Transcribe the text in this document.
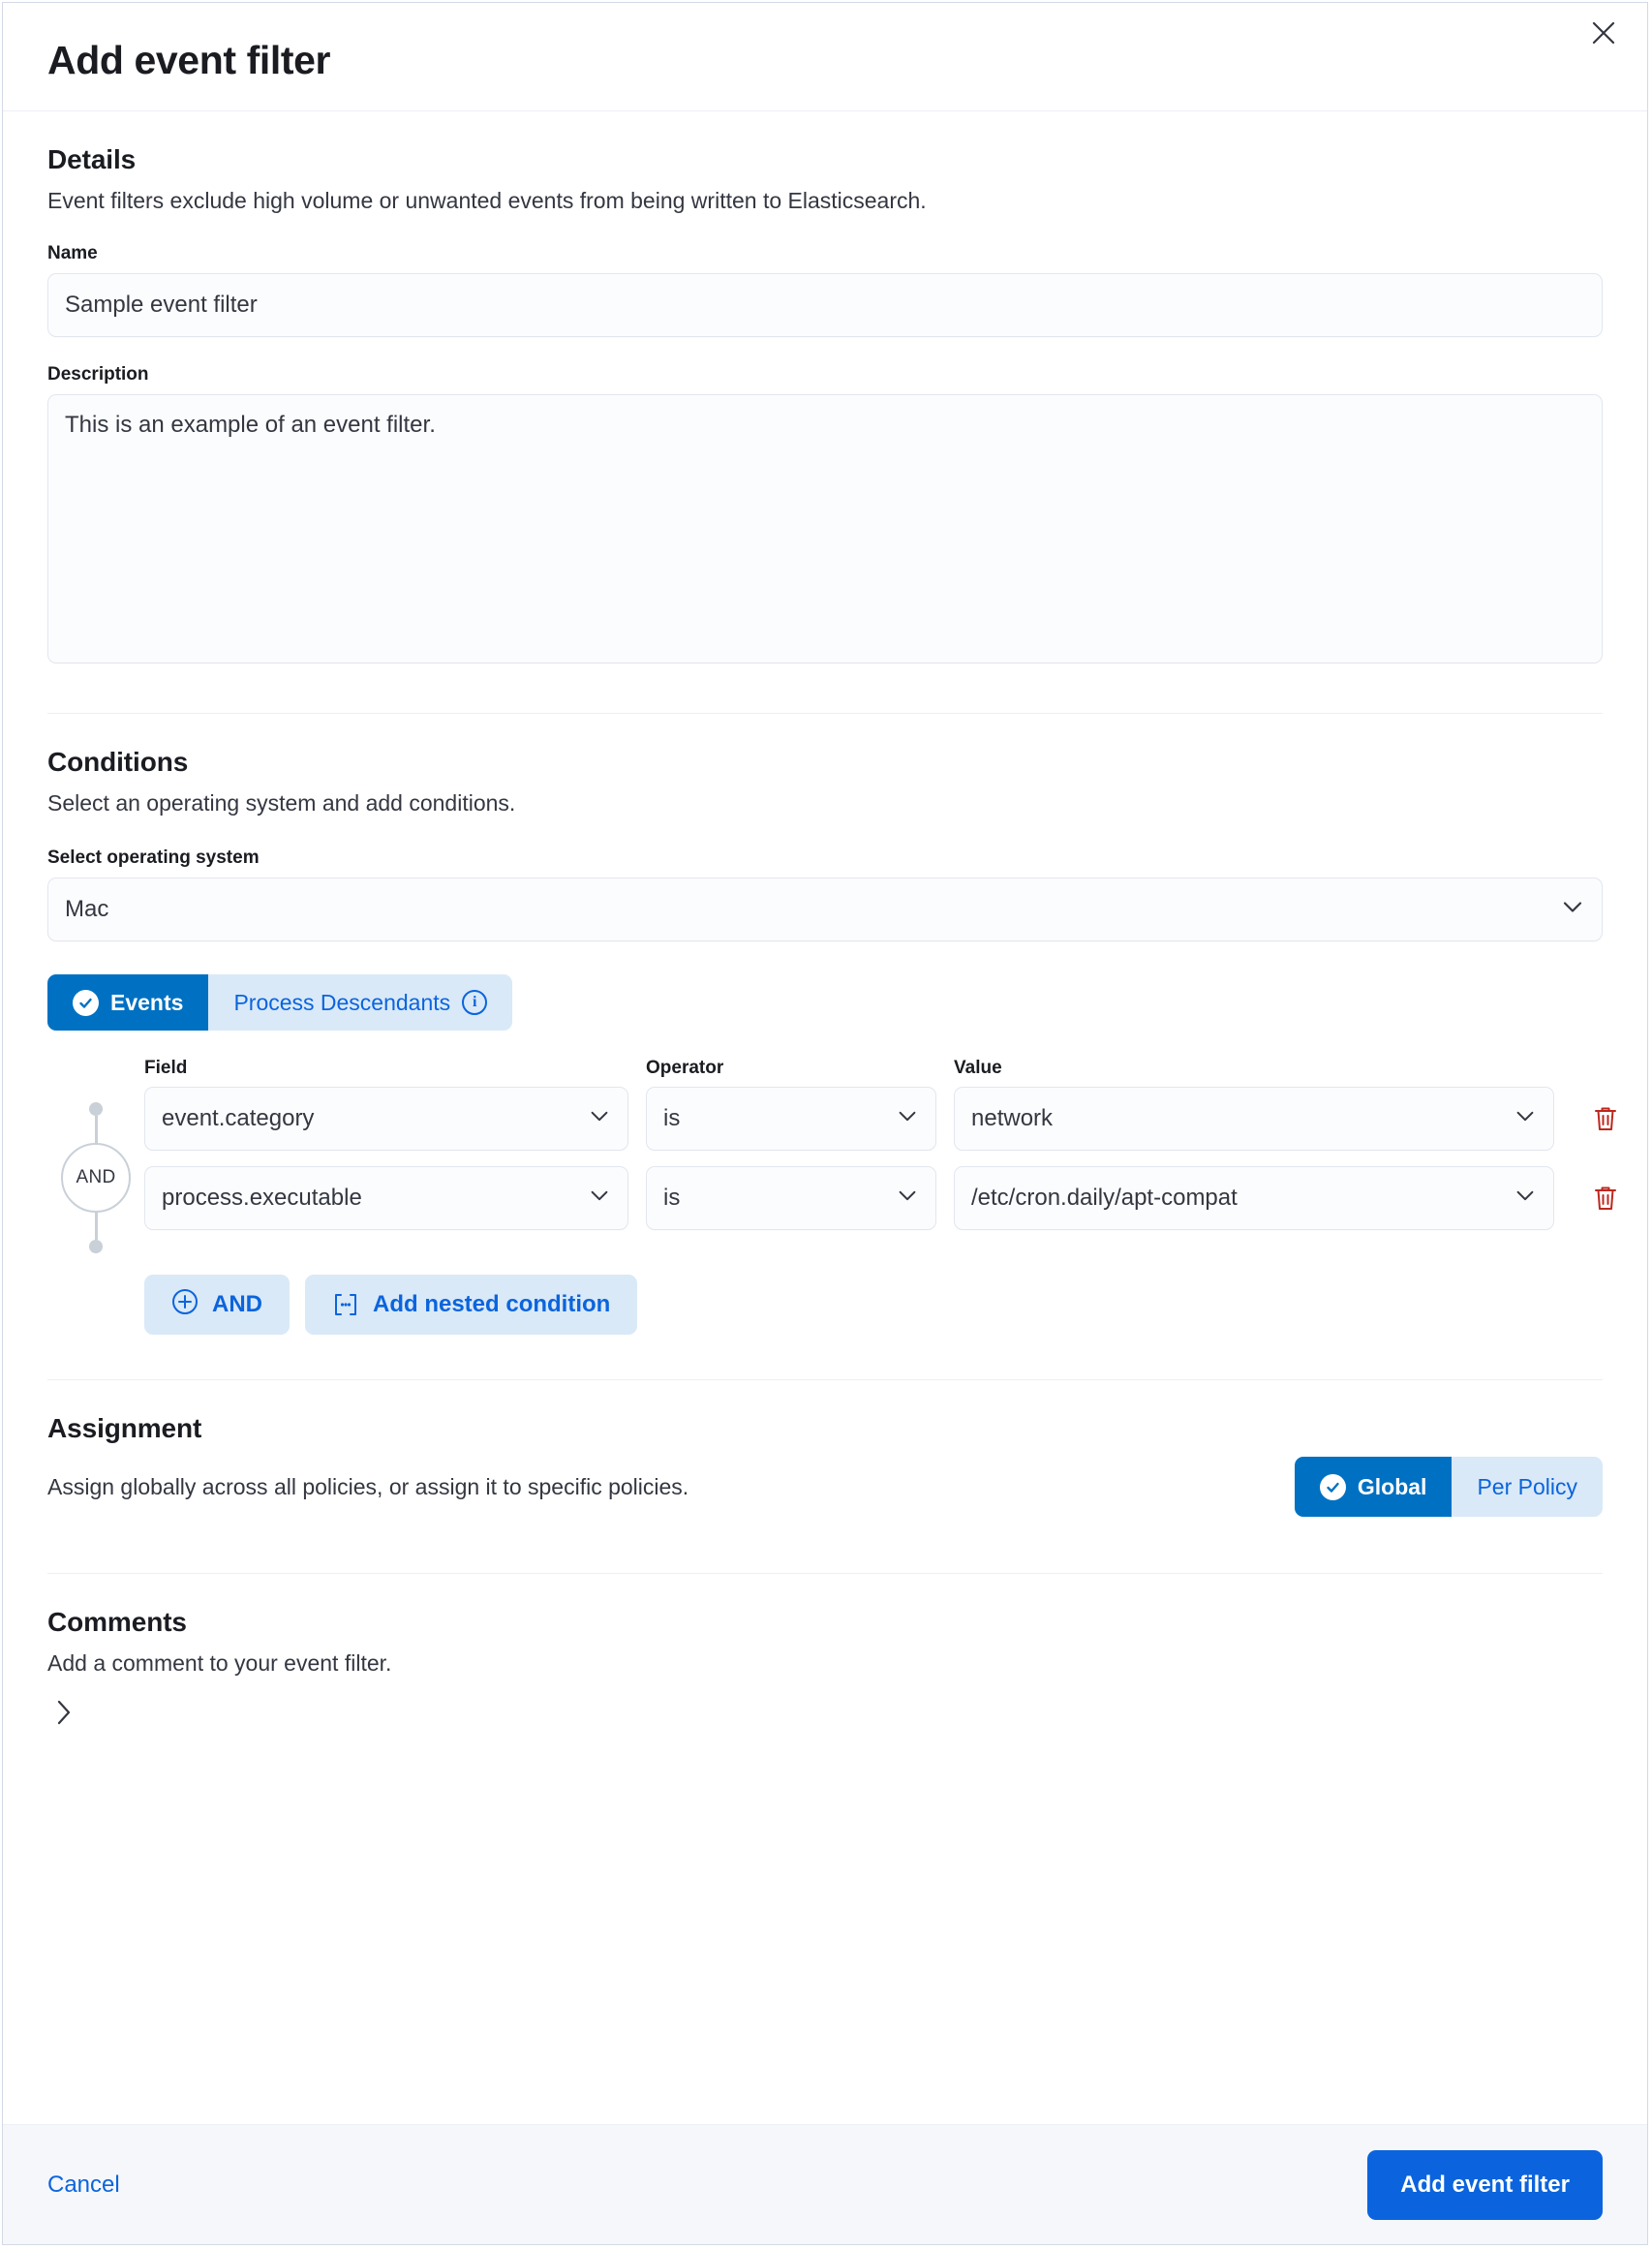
Add event filter
Details

Event filters exclude high volume or unwanted events from being written to Elasticsearch.

Name
Sample event filter
Description
This is an example of an event filter.
Conditions

Select an operating system and add conditions.

Select operating system
Mac
Events Process Descendants	i
AND
Field	Operator	Value
event.category	is	network
process.executable	is	/etc/cron.daily/apt-compat
AND	Add nested condition
Assignment

Assign globally across all policies, or assign it to specific policies.	Global Per Policy
Comments

Add a comment to your event filter.

Cancel	Add event filter
